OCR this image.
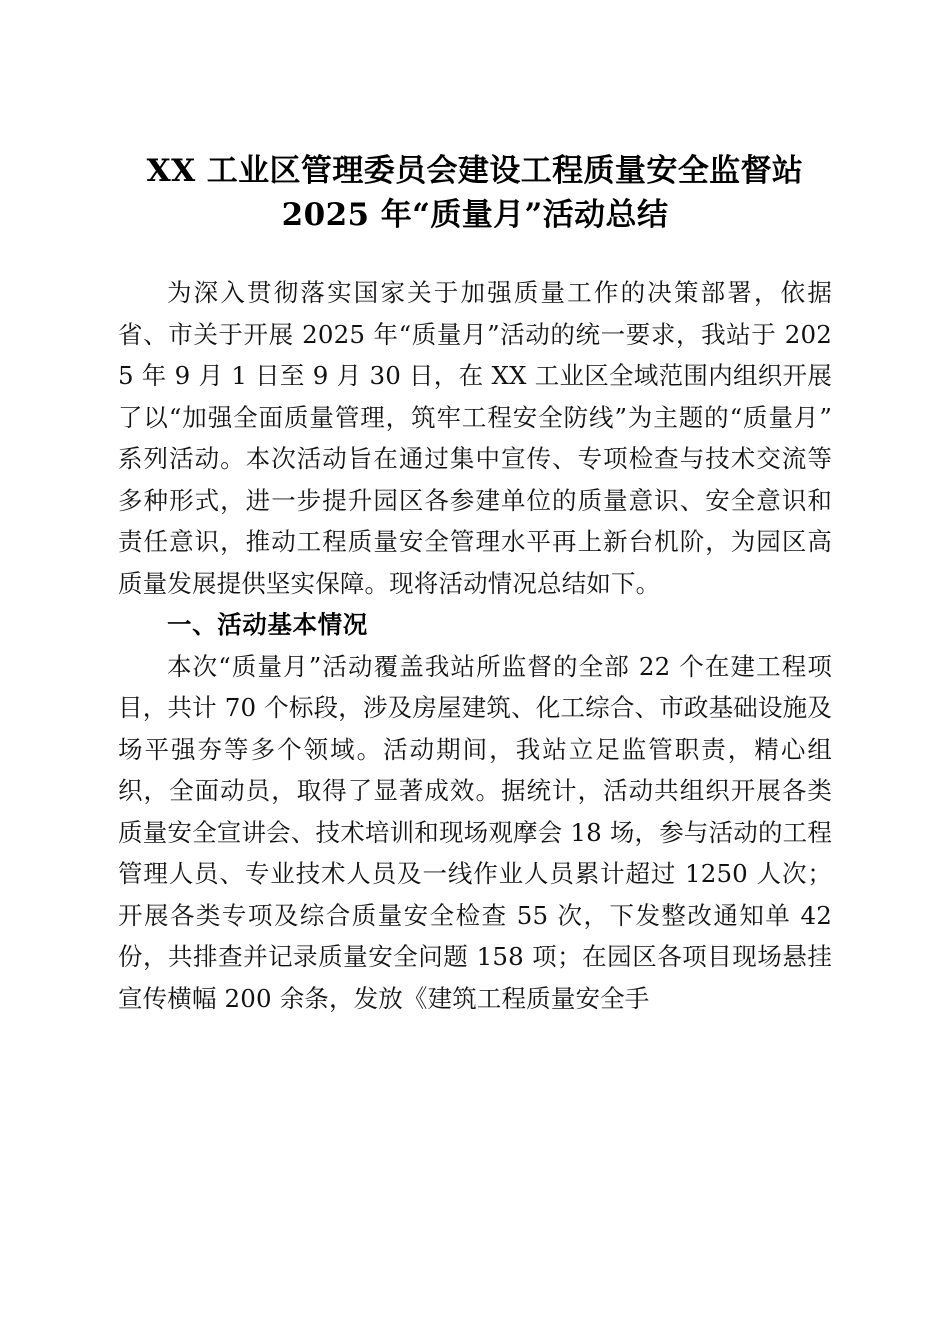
XX 工业区管理委员会建设工程质量安全监督站 2025 年“质量月”活动总结

为深入贯彻落实国家关于加强质量工作的决策部署，依据省、市关于开展 2025 年“质量月”活动的统一要求，我站于 2025 年 9 月 1 日至 9 月 30 日，在 XX 工业区全域范围内组织开展了以“加强全面质量管理，筑牢工程安全防线”为主题的“质量月”系列活动。本次活动旨在通过集中宣传、专项检查与技术交流等多种形式，进一步提升园区各参建单位的质量意识、安全意识和责任意识，推动工程质量安全管理水平再上新台机阶，为园区高质量发展提供坚实保障。现将活动情况总结如下。

一、活动基本情况

本次“质量月”活动覆盖我站所监督的全部 22 个在建工程项目，共计 70 个标段，涉及房屋建筑、化工综合、市政基础设施及场平强夯等多个领域。活动期间，我站立足监管职责，精心组织，全面动员，取得了显著成效。据统计，活动共组织开展各类质量安全宣讲会、技术培训和现场观摩会 18 场，参与活动的工程管理人员、专业技术人员及一线作业人员累计超过 1250 人次；开展各类专项及综合质量安全检查 55 次，下发整改通知单 42 份，共排查并记录质量安全问题 158 项；在园区各项目现场悬挂宣传横幅 200 余条，发放《建筑工程质量安全手
